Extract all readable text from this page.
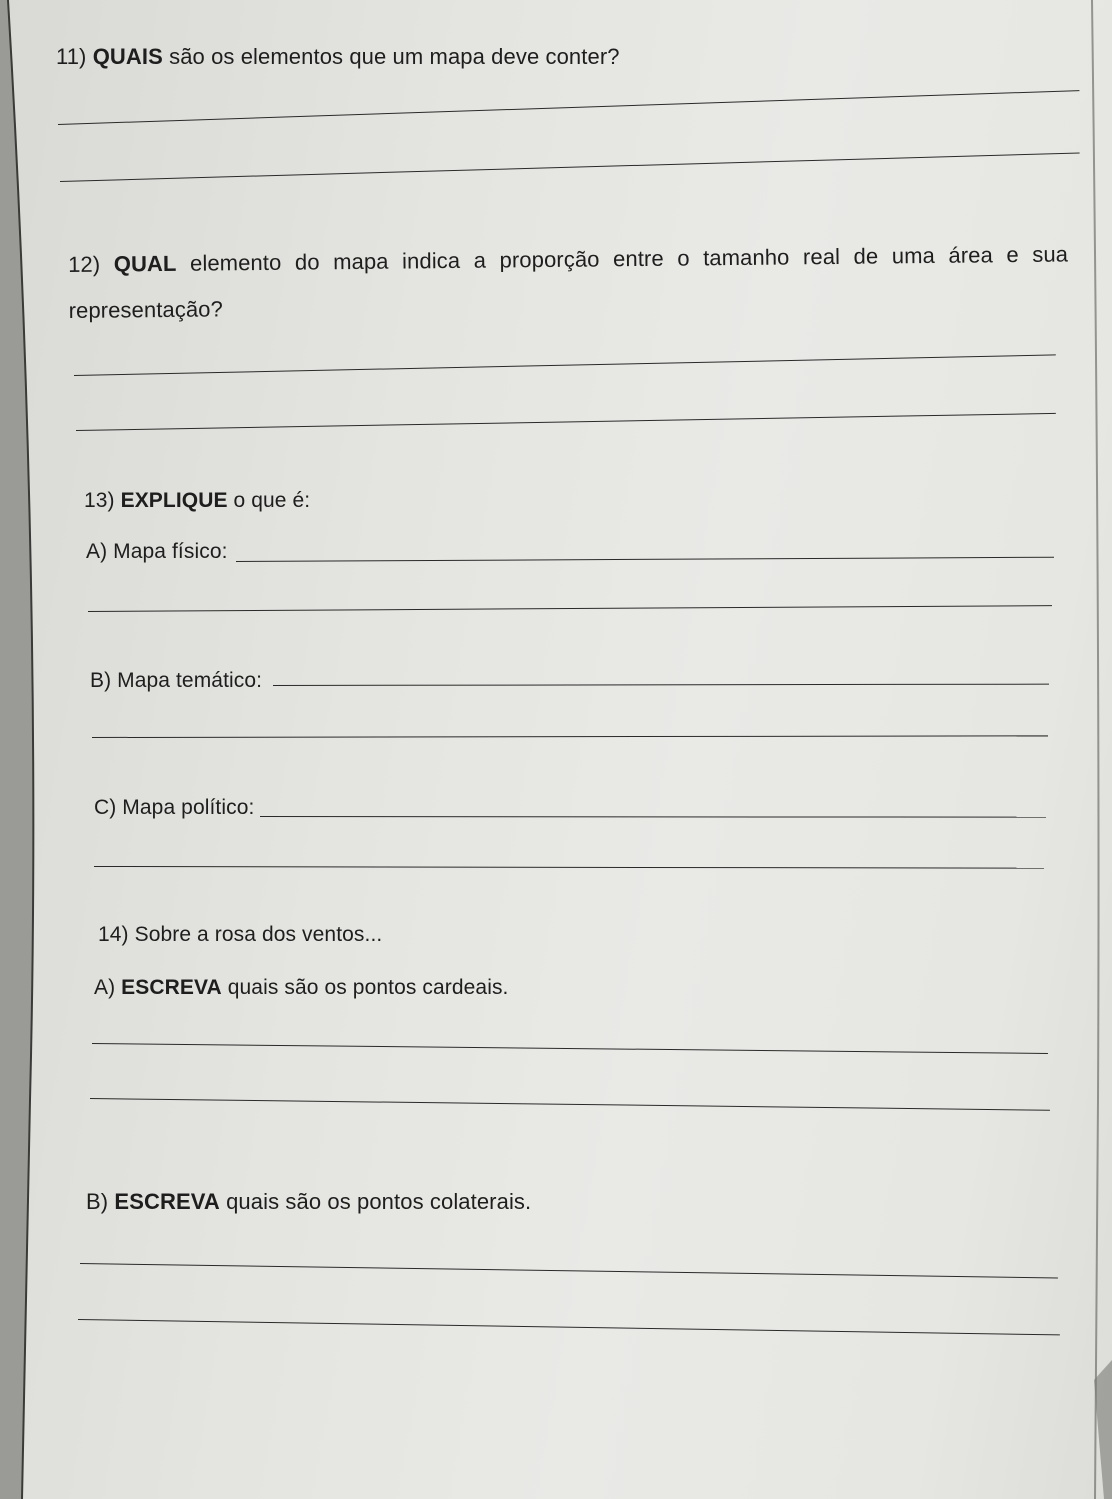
11) QUAIS são os elementos que um mapa deve conter?
12) QUAL elemento do mapa indica a proporção entre o tamanho real de uma área e sua
representação?
13) EXPLIQUE o que é:
A) Mapa físico:
B) Mapa temático:
C) Mapa político:
14) Sobre a rosa dos ventos...
A) ESCREVA quais são os pontos cardeais.
B) ESCREVA quais são os pontos colaterais.
